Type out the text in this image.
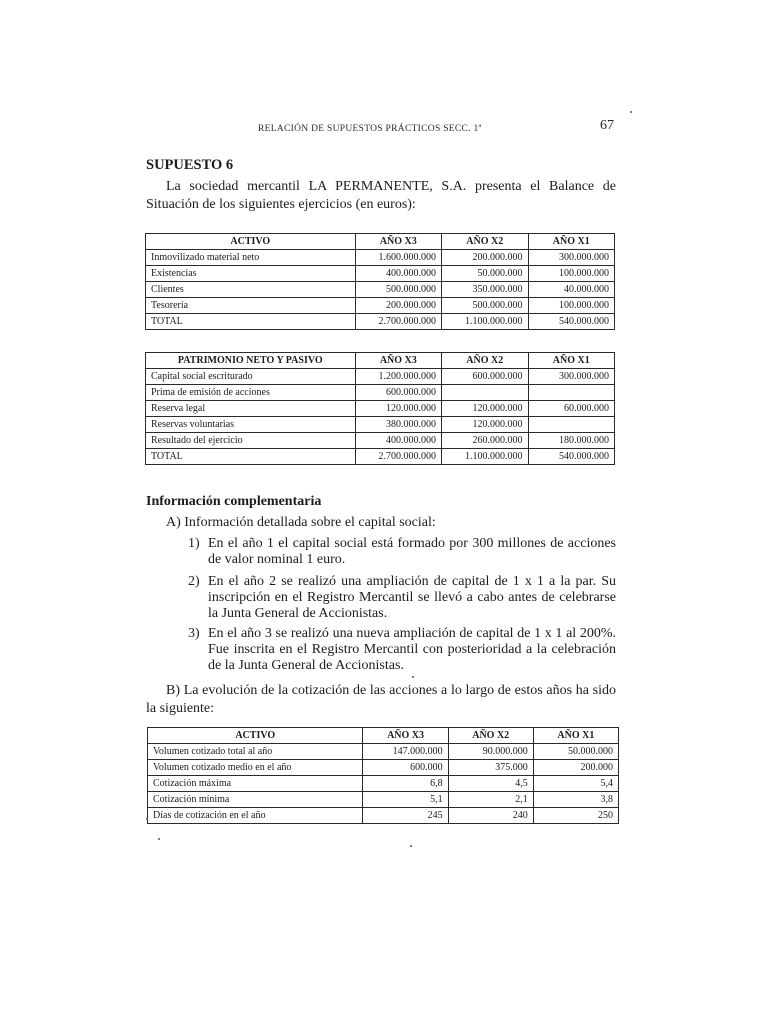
RELACIÓN DE SUPUESTOS PRÁCTICOS SECC. 1ª	67
SUPUESTO 6
La sociedad mercantil LA PERMANENTE, S.A. presenta el Balance de Situación de los siguientes ejercicios (en euros):
ACTIVO	AÑO X3	AÑO X2	AÑO X1
Inmovilizado material neto	1.600.000.000	200.000.000	300.000.000
Existencias	400.000.000	50.000.000	100.000.000
Clientes	500.000.000	350.000.000	40.000.000
Tesorería	200.000.000	500.000.000	100.000.000
TOTAL	2.700.000.000	1.100.000.000	540.000.000
PATRIMONIO NETO Y PASIVO	AÑO X3	AÑO X2	AÑO X1
Capital social escriturado	1.200.000.000	600.000.000	300.000.000
Prima de emisión de acciones	600.000.000		
Reserva legal	120.000.000	120.000.000	60.000.000
Reservas voluntarias	380.000.000	120.000.000	
Resultado del ejercicio	400.000.000	260.000.000	180.000.000
TOTAL	2.700.000.000	1.100.000.000	540.000.000
Información complementaria
A) Información detallada sobre el capital social:
1) En el año 1 el capital social está formado por 300 millones de acciones de valor nominal 1 euro.
2) En el año 2 se realizó una ampliación de capital de 1 x 1 a la par. Su inscripción en el Registro Mercantil se llevó a cabo antes de celebrarse la Junta General de Accionistas.
3) En el año 3 se realizó una nueva ampliación de capital de 1 x 1 al 200%. Fue inscrita en el Registro Mercantil con posterioridad a la celebración de la Junta General de Accionistas.
B) La evolución de la cotización de las acciones a lo largo de estos años ha sido la siguiente:
ACTIVO	AÑO X3	AÑO X2	AÑO X1
Volumen cotizado total al año	147.000.000	90.000.000	50.000.000
Volumen cotizado medio en el año	600.000	375.000	200.000
Cotización máxima	6,8	4,5	5,4
Cotización mínima	5,1	2,1	3,8
Días de cotización en el año	245	240	250
